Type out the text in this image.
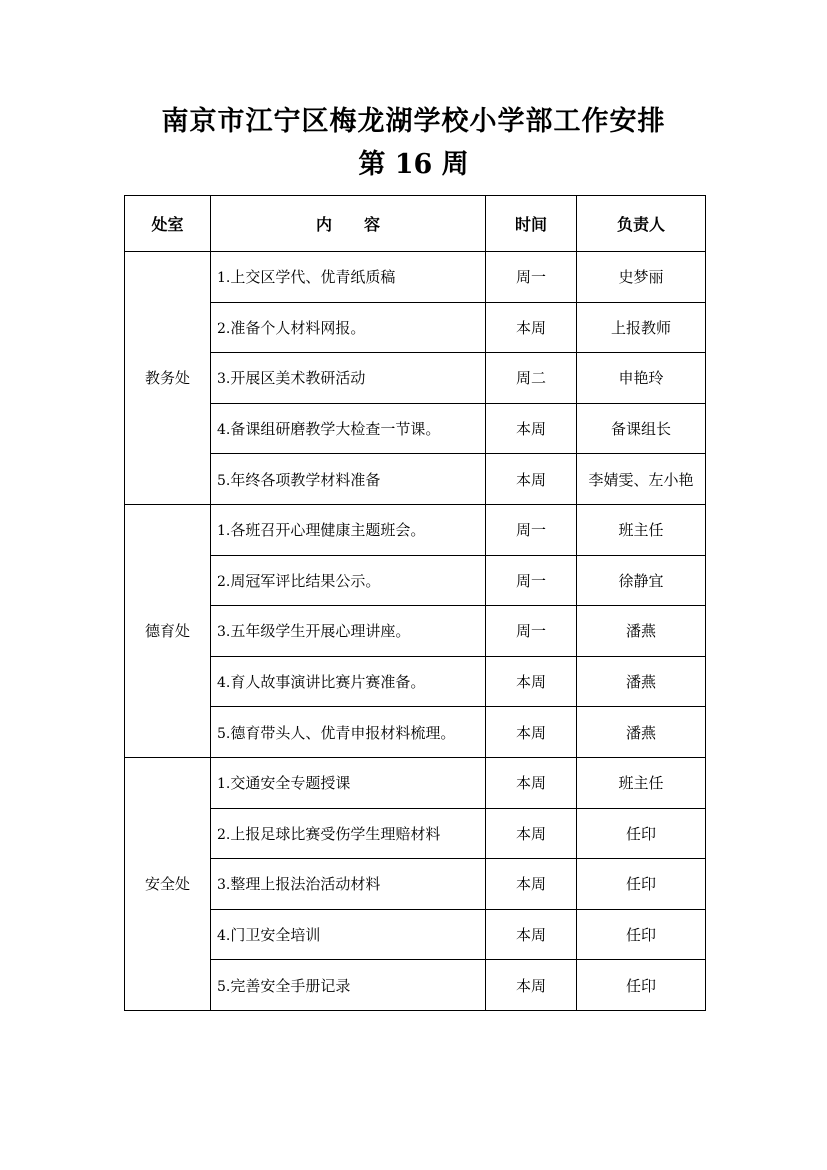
南京市江宁区梅龙湖学校小学部工作安排
第 16 周
处室	内　　容	时间	负责人
教务处	1.上交区学代、优青纸质稿	周一	史梦丽
	2.准备个人材料网报。	本周	上报教师
	3.开展区美术教研活动	周二	申艳玲
	4.备课组研磨教学大检查一节课。	本周	备课组长
	5.年终各项教学材料准备	本周	李婧雯、左小艳
德育处	1.各班召开心理健康主题班会。	周一	班主任
	2.周冠军评比结果公示。	周一	徐静宜
	3.五年级学生开展心理讲座。	周一	潘燕
	4.育人故事演讲比赛片赛准备。	本周	潘燕
	5.德育带头人、优青申报材料梳理。	本周	潘燕
安全处	1.交通安全专题授课	本周	班主任
	2.上报足球比赛受伤学生理赔材料	本周	任印
	3.整理上报法治活动材料	本周	任印
	4.门卫安全培训	本周	任印
	5.完善安全手册记录	本周	任印
